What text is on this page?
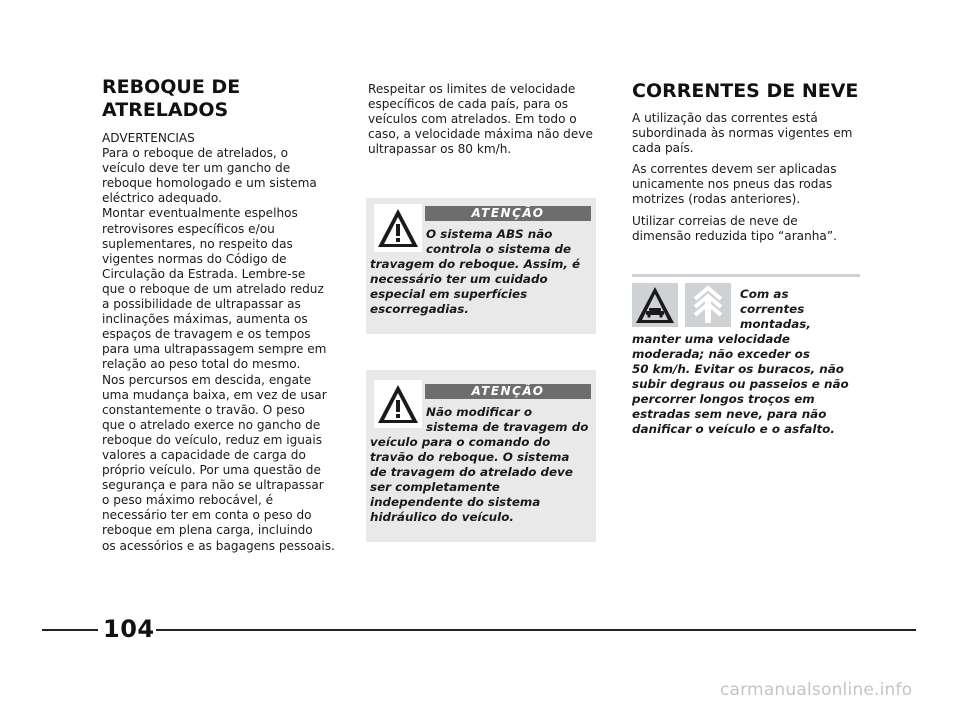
REBOQUE DE
ATRELADOS
ADVERTENCIAS
Para o reboque de atrelados, o
veículo deve ter um gancho de
reboque homologado e um sistema
eléctrico adequado.
Montar eventualmente espelhos
retrovisores específicos e/ou
suplementares, no respeito das
vigentes normas do Código de
Circulação da Estrada. Lembre-se
que o reboque de um atrelado reduz
a possibilidade de ultrapassar as
inclinações máximas, aumenta os
espaços de travagem e os tempos
para uma ultrapassagem sempre em
relação ao peso total do mesmo.
Nos percursos em descida, engate
uma mudança baixa, em vez de usar
constantemente o travão. O peso
que o atrelado exerce no gancho de
reboque do veículo, reduz em iguais
valores a capacidade de carga do
próprio veículo. Por uma questão de
segurança e para não se ultrapassar
o peso máximo rebocável, é
necessário ter em conta o peso do
reboque em plena carga, incluindo
os acessórios e as bagagens pessoais.
Respeitar os limites de velocidade
específicos de cada país, para os
veículos com atrelados. Em todo o
caso, a velocidade máxima não deve
ultrapassar os 80 km/h.
ATENÇÃO
O sistema ABS não
controla o sistema de
travagem do reboque. Assim, é
necessário ter um cuidado
especial em superfícies
escorregadias.
ATENÇÃO
Não modificar o
sistema de travagem do
veículo para o comando do
travão do reboque. O sistema
de travagem do atrelado deve
ser completamente
independente do sistema
hidráulico do veículo.
CORRENTES DE NEVE
A utilização das correntes está
subordinada às normas vigentes em
cada país.
As correntes devem ser aplicadas
unicamente nos pneus das rodas
motrizes (rodas anteriores).
Utilizar correias de neve de
dimensão reduzida tipo “aranha”.
Com as
correntes
montadas,
manter uma velocidade
moderada; não exceder os
50 km/h. Evitar os buracos, não
subir degraus ou passeios e não
percorrer longos troços em
estradas sem neve, para não
danificar o veículo e o asfalto.
104
carmanualsonline.info
